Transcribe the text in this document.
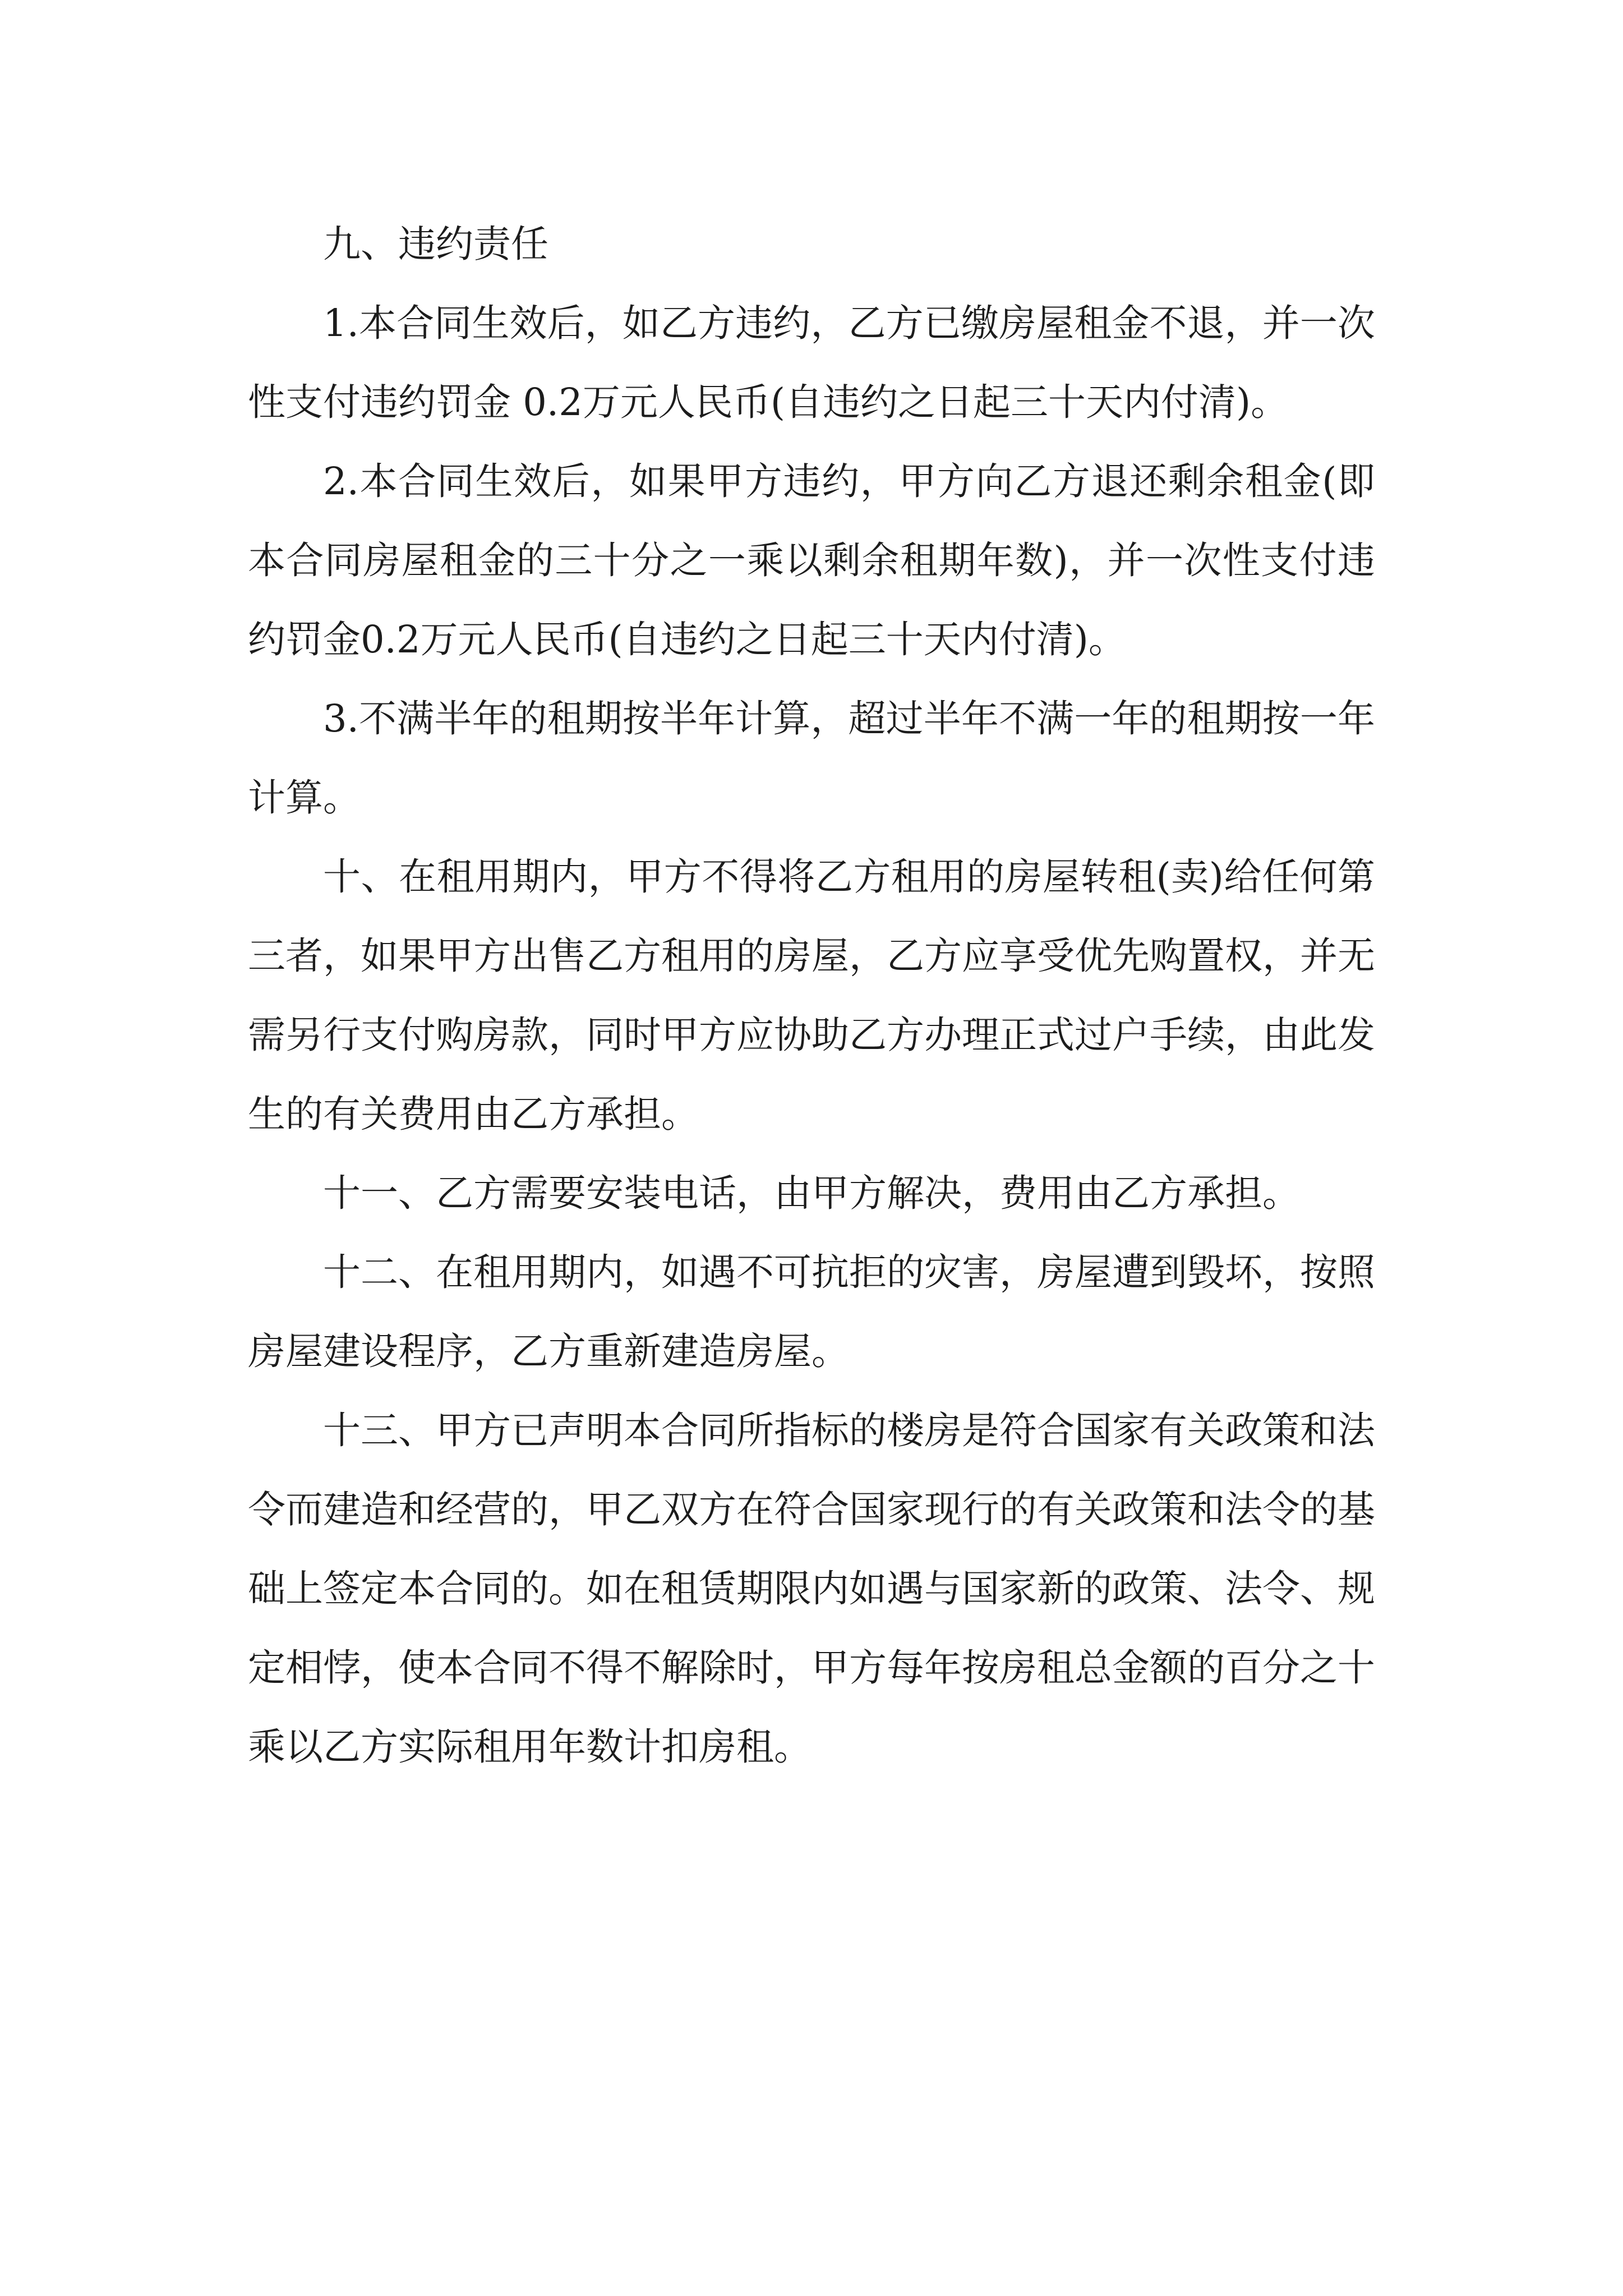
九、违约责任

1.本合同生效后，如乙方违约，乙方已缴房屋租金不退，并一次性支付违约罚金 0.2万元人民币(自违约之日起三十天内付清)。

2.本合同生效后，如果甲方违约，甲方向乙方退还剩余租金(即本合同房屋租金的三十分之一乘以剩余租期年数)，并一次性支付违约罚金0.2万元人民币(自违约之日起三十天内付清)。

3.不满半年的租期按半年计算，超过半年不满一年的租期按一年计算。

十、在租用期内，甲方不得将乙方租用的房屋转租(卖)给任何第三者，如果甲方出售乙方租用的房屋，乙方应享受优先购置权，并无需另行支付购房款，同时甲方应协助乙方办理正式过户手续，由此发生的有关费用由乙方承担。

十一、乙方需要安装电话，由甲方解决，费用由乙方承担。

十二、在租用期内，如遇不可抗拒的灾害，房屋遭到毁坏，按照房屋建设程序，乙方重新建造房屋。

十三、甲方已声明本合同所指标的楼房是符合国家有关政策和法令而建造和经营的，甲乙双方在符合国家现行的有关政策和法令的基础上签定本合同的。如在租赁期限内如遇与国家新的政策、法令、规定相悖，使本合同不得不解除时，甲方每年按房租总金额的百分之十乘以乙方实际租用年数计扣房租。
